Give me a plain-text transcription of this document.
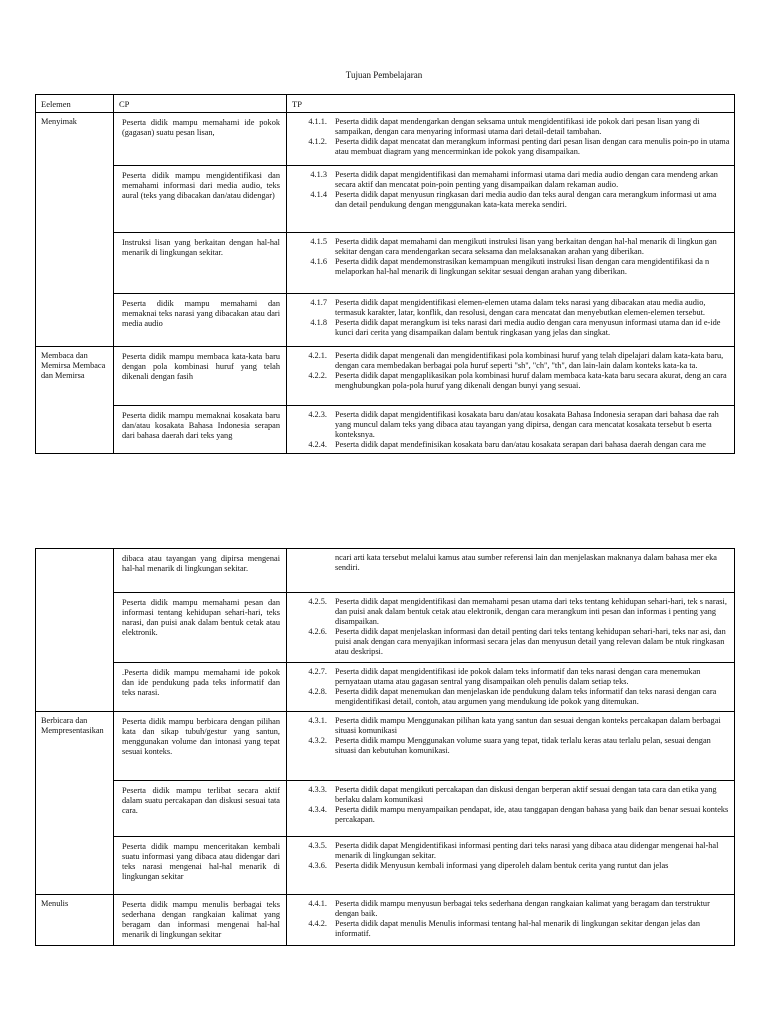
Tujuan Pembelajaran
Eelemen	CP	TP
Menyimak	Peserta didik mampu memahami ide pokok (gagasan) suatu pesan lisan,	4.1.1. Peserta didik dapat mendengarkan dengan seksama untuk mengidentifikasi ide pokok dari pesan lisan yang di sampaikan, dengan cara menyaring informasi utama dari detail-detail tambahan.
4.1.2. Peserta didik dapat mencatat dan merangkum informasi penting dari pesan lisan dengan cara menulis poin-po in utama atau membuat diagram yang mencerminkan ide pokok yang disampaikan.

	Peserta didik mampu mengidentifikasi dan memahami informasi dari media audio, teks aural (teks yang dibacakan dan/atau didengar)	4.1.3 Peserta didik dapat mengidentifikasi dan memahami informasi utama dari media audio dengan cara mendeng arkan secara aktif dan mencatat poin-poin penting yang disampaikan dalam rekaman audio.
4.1.4 Peserta didik dapat menyusun ringkasan dari media audio dan teks aural dengan cara merangkum informasi ut ama dan detail pendukung dengan menggunakan kata-kata mereka sendiri.

	Instruksi lisan yang berkaitan dengan hal-hal menarik di lingkungan sekitar.	4.1.5 Peserta didik dapat memahami dan mengikuti instruksi lisan yang berkaitan dengan hal-hal menarik di lingkun gan sekitar dengan cara mendengarkan secara seksama dan melaksanakan arahan yang diberikan.
4.1.6 Peserta didik dapat mendemonstrasikan kemampuan mengikuti instruksi lisan dengan cara mengidentifikasi da n melaporkan hal-hal menarik di lingkungan sekitar sesuai dengan arahan yang diberikan.

	Peserta didik mampu memahami dan memaknai teks narasi yang dibacakan atau dari media audio	4.1.7 Peserta didik dapat mengidentifikasi elemen-elemen utama dalam teks narasi yang dibacakan atau media audio, termasuk karakter, latar, konflik, dan resolusi, dengan cara mencatat dan menyebutkan elemen-elemen tersebut.
4.1.8 Peserta didik dapat merangkum isi teks narasi dari media audio dengan cara menyusun informasi utama dan id e-ide kunci dari cerita yang disampaikan dalam bentuk ringkasan yang jelas dan singkat.

Membaca dan Memirsa Membaca dan Memirsa	Peserta didik mampu membaca kata-kata baru dengan pola kombinasi huruf yang telah dikenali dengan fasih	4.2.1. Peserta didik dapat mengenali dan mengidentifikasi pola kombinasi huruf yang telah dipelajari dalam kata-kata baru, dengan cara membedakan berbagai pola huruf seperti "sh", "ch", "th", dan lain-lain dalam konteks kata-ka ta.
4.2.2. Peserta didik dapat mengaplikasikan pola kombinasi huruf dalam membaca kata-kata baru secara akurat, deng an cara menghubungkan pola-pola huruf yang dikenali dengan bunyi yang sesuai.

	Peserta didik mampu memaknai kosakata baru dan/atau kosakata Bahasa Indonesia serapan dari bahasa daerah dari teks yang	4.2.3. Peserta didik dapat mengidentifikasi kosakata baru dan/atau kosakata Bahasa Indonesia serapan dari bahasa dae rah yang muncul dalam teks yang dibaca atau tayangan yang dipirsa, dengan cara mencatat kosakata tersebut b eserta konteksnya.
4.2.4. Peserta didik dapat mendefinisikan kosakata baru dan/atau kosakata serapan dari bahasa daerah dengan cara me
	dibaca atau tayangan yang dipirsa mengenai hal-hal menarik di lingkungan sekitar.	ncari arti kata tersebut melalui kamus atau sumber referensi lain dan menjelaskan maknanya dalam bahasa mer eka sendiri.

	Peserta didik mampu memahami pesan dan informasi tentang kehidupan sehari-hari, teks narasi, dan puisi anak dalam bentuk cetak atau elektronik.	4.2.5. Peserta didik dapat mengidentifikasi dan memahami pesan utama dari teks tentang kehidupan sehari-hari, tek s narasi, dan puisi anak dalam bentuk cetak atau elektronik, dengan cara merangkum inti pesan dan informas i penting yang disampaikan.
4.2.6. Peserta didik dapat menjelaskan informasi dan detail penting dari teks tentang kehidupan sehari-hari, teks nar asi, dan puisi anak dengan cara menyajikan informasi secara jelas dan menyusun detail yang relevan dalam be ntuk ringkasan atau deskripsi.

	.Peserta didik mampu memahami ide pokok dan ide pendukung pada teks informatif dan teks narasi.	4.2.7. Peserta didik dapat mengidentifikasi ide pokok dalam teks informatif dan teks narasi dengan cara menemukan pernyataan utama atau gagasan sentral yang disampaikan oleh penulis dalam setiap teks.
4.2.8. Peserta didik dapat menemukan dan menjelaskan ide pendukung dalam teks informatif dan teks narasi dengan cara mengidentifikasi detail, contoh, atau argumen yang mendukung ide pokok yang ditemukan.

Berbicara dan Mempresentasikan	Peserta didik mampu berbicara dengan pilihan kata dan sikap tubuh/gestur yang santun, menggunakan volume dan intonasi yang tepat sesuai konteks.	4.3.1. Peserta didik mampu Menggunakan pilihan kata yang santun dan sesuai dengan konteks percakapan dalam berbagai situasi komunikasi
4.3.2. Peserta didik mampu Menggunakan volume suara yang tepat, tidak terlalu keras atau terlalu pelan, sesuai dengan situasi dan kebutuhan komunikasi.

	Peserta didik mampu terlibat secara aktif dalam suatu percakapan dan diskusi sesuai tata cara.	4.3.3. Peserta didik dapat mengikuti percakapan dan diskusi dengan berperan aktif sesuai dengan tata cara dan etika yang berlaku dalam komunikasi
4.3.4. Peserta didik mampu menyampaikan pendapat, ide, atau tanggapan dengan bahasa yang baik dan benar sesuai konteks percakapan.

	Peserta didik mampu menceritakan kembali suatu informasi yang dibaca atau didengar dari teks narasi mengenai hal-hal menarik di lingkungan sekitar	4.3.5. Peserta didik dapat Mengidentifikasi informasi penting dari teks narasi yang dibaca atau didengar mengenai hal-hal menarik di lingkungan sekitar.
4.3.6. Peserta didik Menyusun kembali informasi yang diperoleh dalam bentuk cerita yang runtut dan jelas

Menulis	Peserta didik mampu menulis berbagai teks sederhana dengan rangkaian kalimat yang beragam dan informasi mengenai hal-hal menarik di lingkungan sekitar	4.4.1. Peserta didik mampu menyusun berbagai teks sederhana dengan rangkaian kalimat yang beragam dan terstruktur dengan baik.
4.4.2. Peserta didik dapat menulis Menulis informasi tentang hal-hal menarik di lingkungan sekitar dengan jelas dan informatif.
